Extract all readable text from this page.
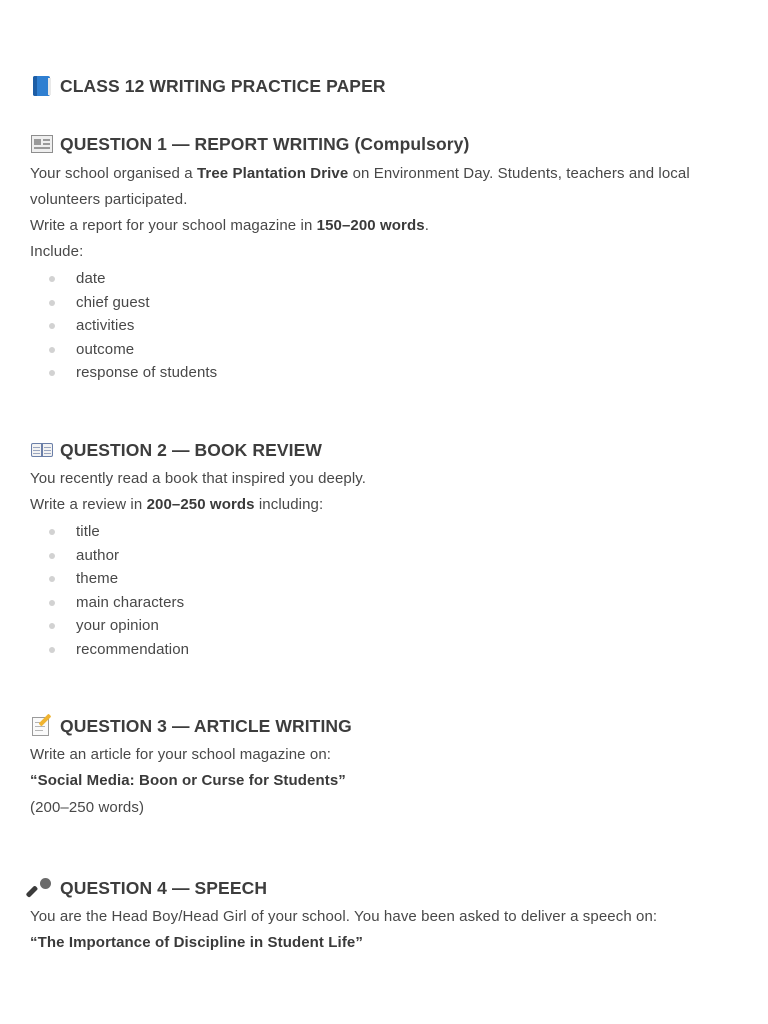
CLASS 12 WRITING PRACTICE PAPER
QUESTION 1 — REPORT WRITING (Compulsory)
Your school organised a Tree Plantation Drive on Environment Day. Students, teachers and local
volunteers participated.
Write a report for your school magazine in 150–200 words.
Include:
date
chief guest
activities
outcome
response of students
QUESTION 2 — BOOK REVIEW
You recently read a book that inspired you deeply.
Write a review in 200–250 words including:
title
author
theme
main characters
your opinion
recommendation
QUESTION 3 — ARTICLE WRITING
Write an article for your school magazine on:
“Social Media: Boon or Curse for Students”
(200–250 words)
QUESTION 4 — SPEECH
You are the Head Boy/Head Girl of your school. You have been asked to deliver a speech on:
“The Importance of Discipline in Student Life”
